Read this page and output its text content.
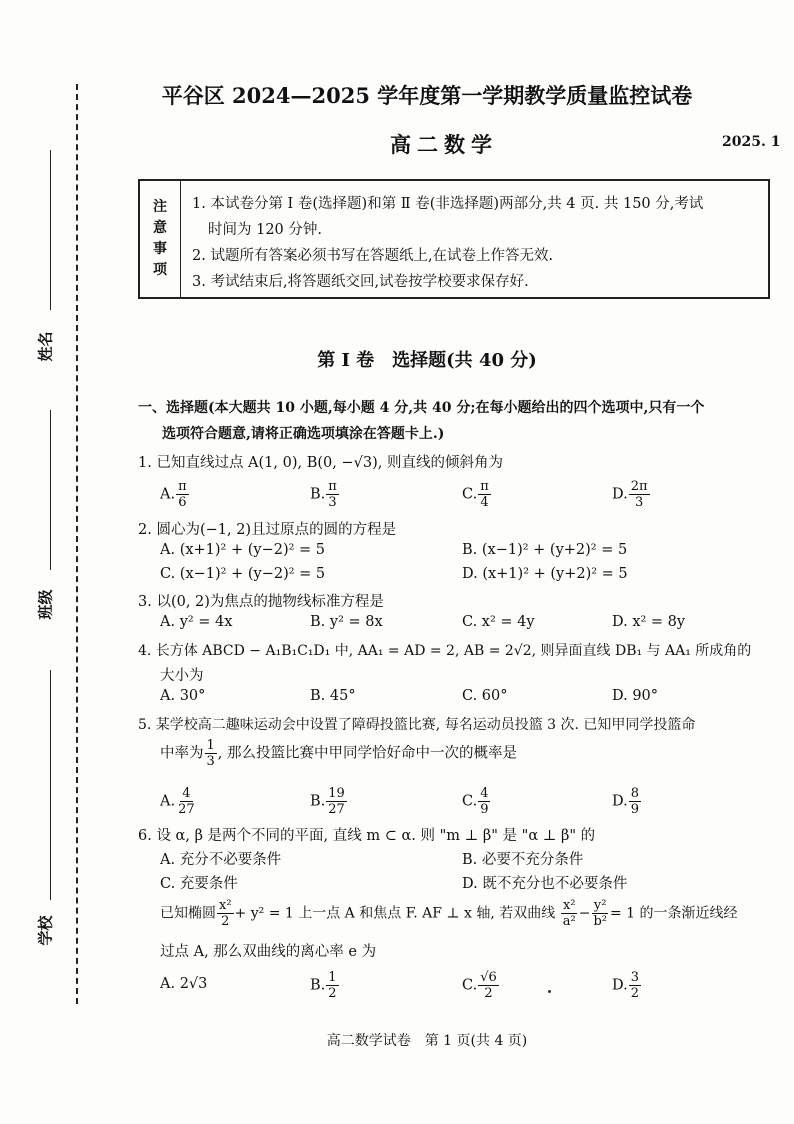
姓名
班级
学校
平谷区 2024—2025 学年度第一学期教学质量监控试卷
高二数学	2025. 1
注
意
事
项
1. 本试卷分第 Ⅰ 卷(选择题)和第 Ⅱ 卷(非选择题)两部分,共 4 页. 共 150 分,考试
时间为 120 分钟.
2. 试题所有答案必须书写在答题纸上,在试卷上作答无效.
3. 考试结束后,将答题纸交回,试卷按学校要求保存好.
第 I 卷　选择题(共 40 分)
一、选择题(本大题共 10 小题,每小题 4 分,共 40 分;在每小题给出的四个选项中,只有一个
选项符合题意,请将正确选项填涂在答题卡上.)
1. 已知直线过点 A(1, 0), B(0, −√3), 则直线的倾斜角为
A. $\frac{\pi}{6}$	B. $\frac{\pi}{3}$	C. $\frac{\pi}{4}$	D. $\frac{2\pi}{3}$
2. 圆心为(−1, 2)且过原点的圆的方程是
A. (x+1)² + (y−2)² = 5	B. (x−1)² + (y+2)² = 5
C. (x−1)² + (y−2)² = 5	D. (x+1)² + (y+2)² = 5
3. 以(0, 2)为焦点的抛物线标准方程是
A. y² = 4x	B. y² = 8x	C. x² = 4y	D. x² = 8y
4. 长方体 ABCD − A₁B₁C₁D₁ 中, AA₁ = AD = 2, AB = 2√2, 则异面直线 DB₁ 与 AA₁ 所成角的
大小为
A. 30°	B. 45°	C. 60°	D. 90°
5. 某学校高二趣味运动会中设置了障碍投篮比赛, 每名运动员投篮 3 次. 已知甲同学投篮命
中率为 $\frac{1}{3}$ , 那么投篮比赛中甲同学恰好命中一次的概率是
A. $\frac{4}{27}$	B. $\frac{19}{27}$	C. $\frac{4}{9}$	D. $\frac{8}{9}$
6. 设 α, β 是两个不同的平面, 直线 m ⊂ α. 则 "m ⊥ β" 是 "α ⊥ β" 的
A. 充分不必要条件	B. 必要不充分条件
C. 充要条件	D. 既不充分也不必要条件
已知椭圆 $\frac{\text{x²}}{2} + y^2 = 1$ 上一点 A 和焦点 F. AF ⊥ x 轴, 若双曲线 $\frac{\text{x²}}{\text{a²}} - \frac{\text{y²}}{\text{b²}} = 1$ 的一条渐近线经
过点 A, 那么双曲线的离心率 e 为
A. 2√3	B. $\frac{1}{2}$	C. $\frac{√6}{2}$	D. $\frac{3}{2}$
高二数学试卷　第 1 页(共 4 页)
